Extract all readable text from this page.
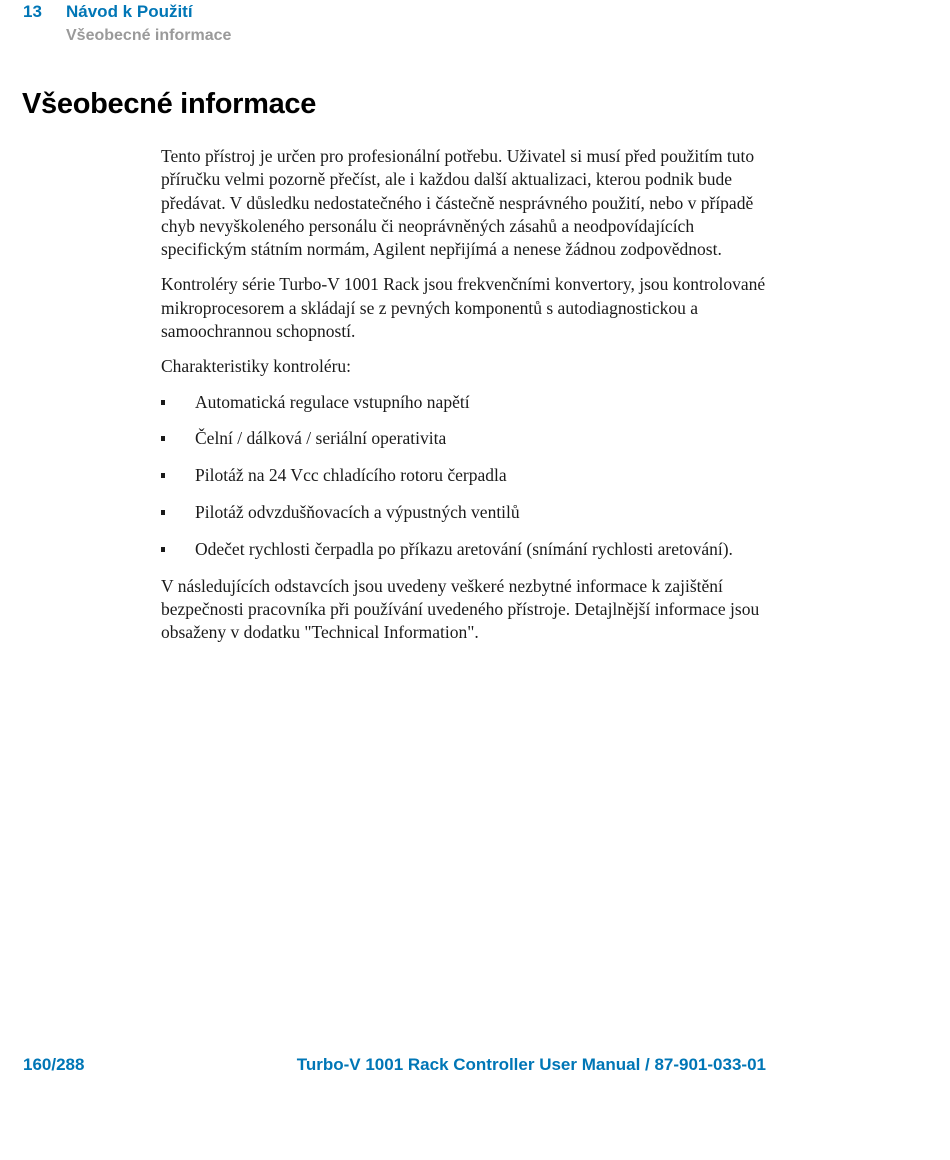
13 Návod k Použití
Všeobecné informace
Všeobecné informace

Tento přístroj je určen pro profesionální potřebu. Uživatel si musí před použitím tuto příručku velmi pozorně přečíst, ale i každou další aktualizaci, kterou podnik bude předávat. V důsledku nedostatečného i částečně nesprávného použití, nebo v případě chyb nevyškoleného personálu či neoprávněných zásahů a neodpovídajících specifickým státním normám, Agilent nepřijímá a nenese žádnou zodpovědnost.

Kontroléry série Turbo-V 1001 Rack jsou frekvenčními konvertory, jsou kontrolované mikroprocesorem a skládají se z pevných komponentů s autodiagnostickou a samoochrannou schopností.

Charakteristiky kontroléru:

Automatická regulace vstupního napětí
Čelní / dálková / seriální operativita
Pilotáž na 24 Vcc chladícího rotoru čerpadla
Pilotáž odvzdušňovacích a výpustných ventilů
Odečet rychlosti čerpadla po příkazu aretování (snímání rychlosti aretování).

V následujících odstavcích jsou uvedeny veškeré nezbytné informace k zajištění bezpečnosti pracovníka při používání uvedeného přístroje. Detajlnější informace jsou obsaženy v dodatku "Technical Information".

160/288	Turbo-V 1001 Rack Controller User Manual / 87-901-033-01
